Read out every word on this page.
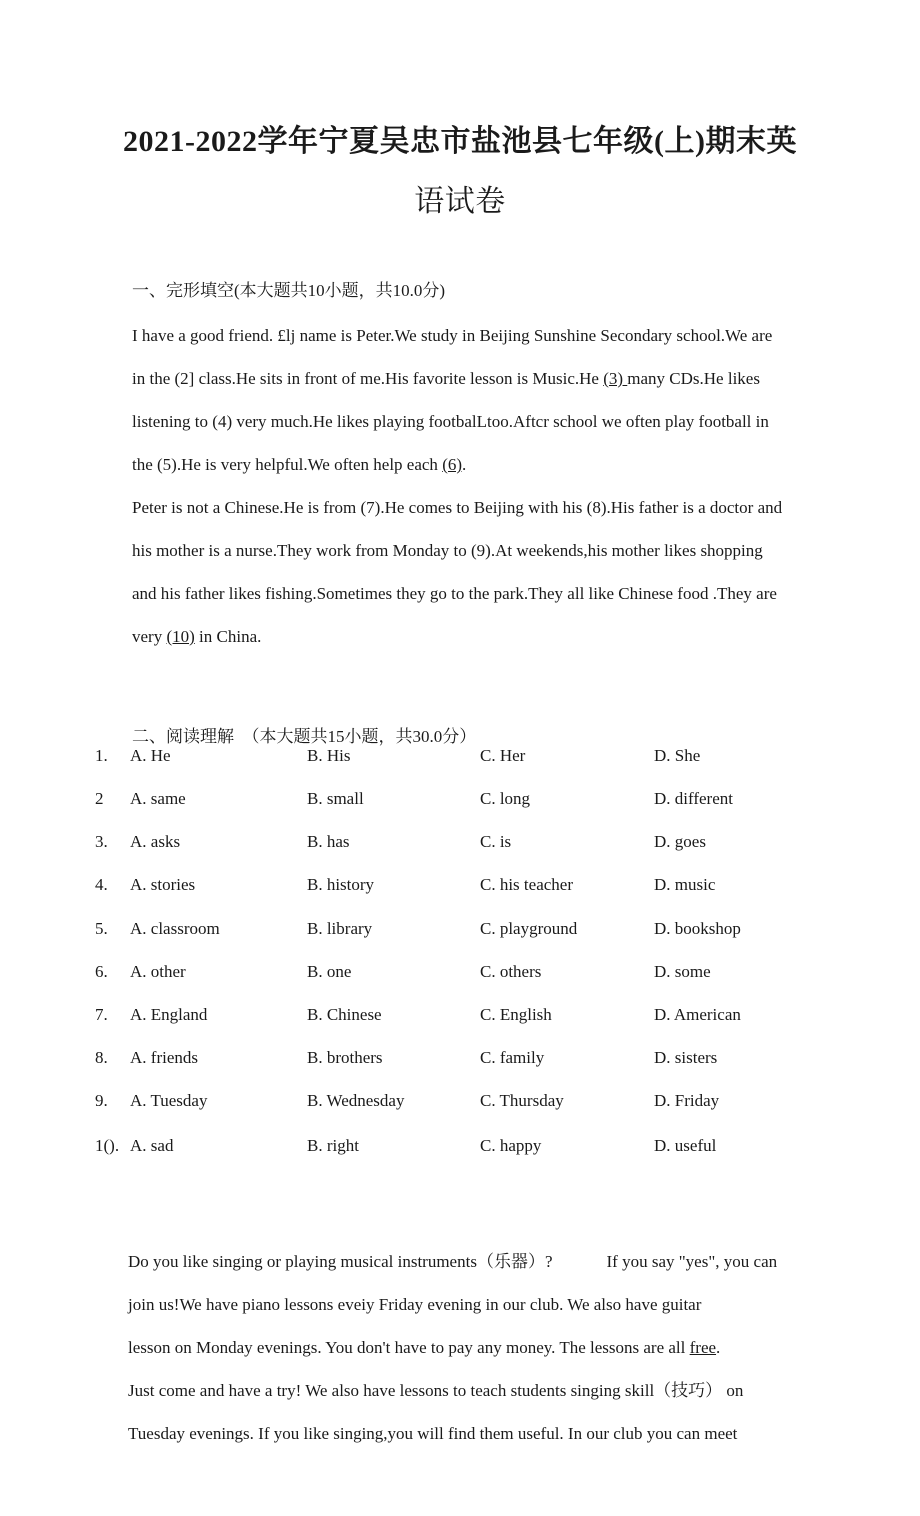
2021-2022学年宁夏吴忠市盐池县七年级(上)期末英
语试卷
一、完形填空(本大题共10小题，共10.0分)

I have a good friend. £lj name is Peter.We study in Beijing Sunshine Secondary school.We are

in the (2] class.He sits in front of me.His favorite lesson is Music.He (3) many CDs.He likes

listening to (4) very much.He likes playing footbalLtoo.Aftcr school we often play football in

the (5).He is very helpful.We often help each (6).

Peter is not a Chinese.He is from (7).He comes to Beijing with his (8).His father is a doctor and

his mother is a nurse.They work from Monday to (9).At weekends,his mother likes shopping

and his father likes fishing.Sometimes they go to the park.They all like Chinese food .They are

very (10) in China.

二、阅读理解　（本大题共15小题，共30.0分）
1. A. He	B. His	C. Her	D. She
2 A. same	B. small	C. long	D. different
3. A. asks	B. has	C. is	D. goes
4. A. stories	B. history	C. his teacher	D. music
5. A. classroom	B. library	C. playground	D. bookshop
6. A. other	B. one	C. others	D. some
7. A. England	B. Chinese	C. English	D. American
8. A. friends	B. brothers	C. family	D. sisters
9. A. Tuesday	B. Wednesday	C. Thursday	D. Friday
1(). A. sad	B. right	C. happy	D. useful

Do you like singing or playing musical instruments（乐器）?	If you say "yes", you can

join us!We have piano lessons eveiy Friday evening in our club. We also have guitar

lesson on Monday evenings. You don't have to pay any money. The lessons are all free.

Just come and have a try! We also have lessons to teach students singing skill（技巧） on

Tuesday evenings. If you like singing,you will find them useful. In our club you can meet
